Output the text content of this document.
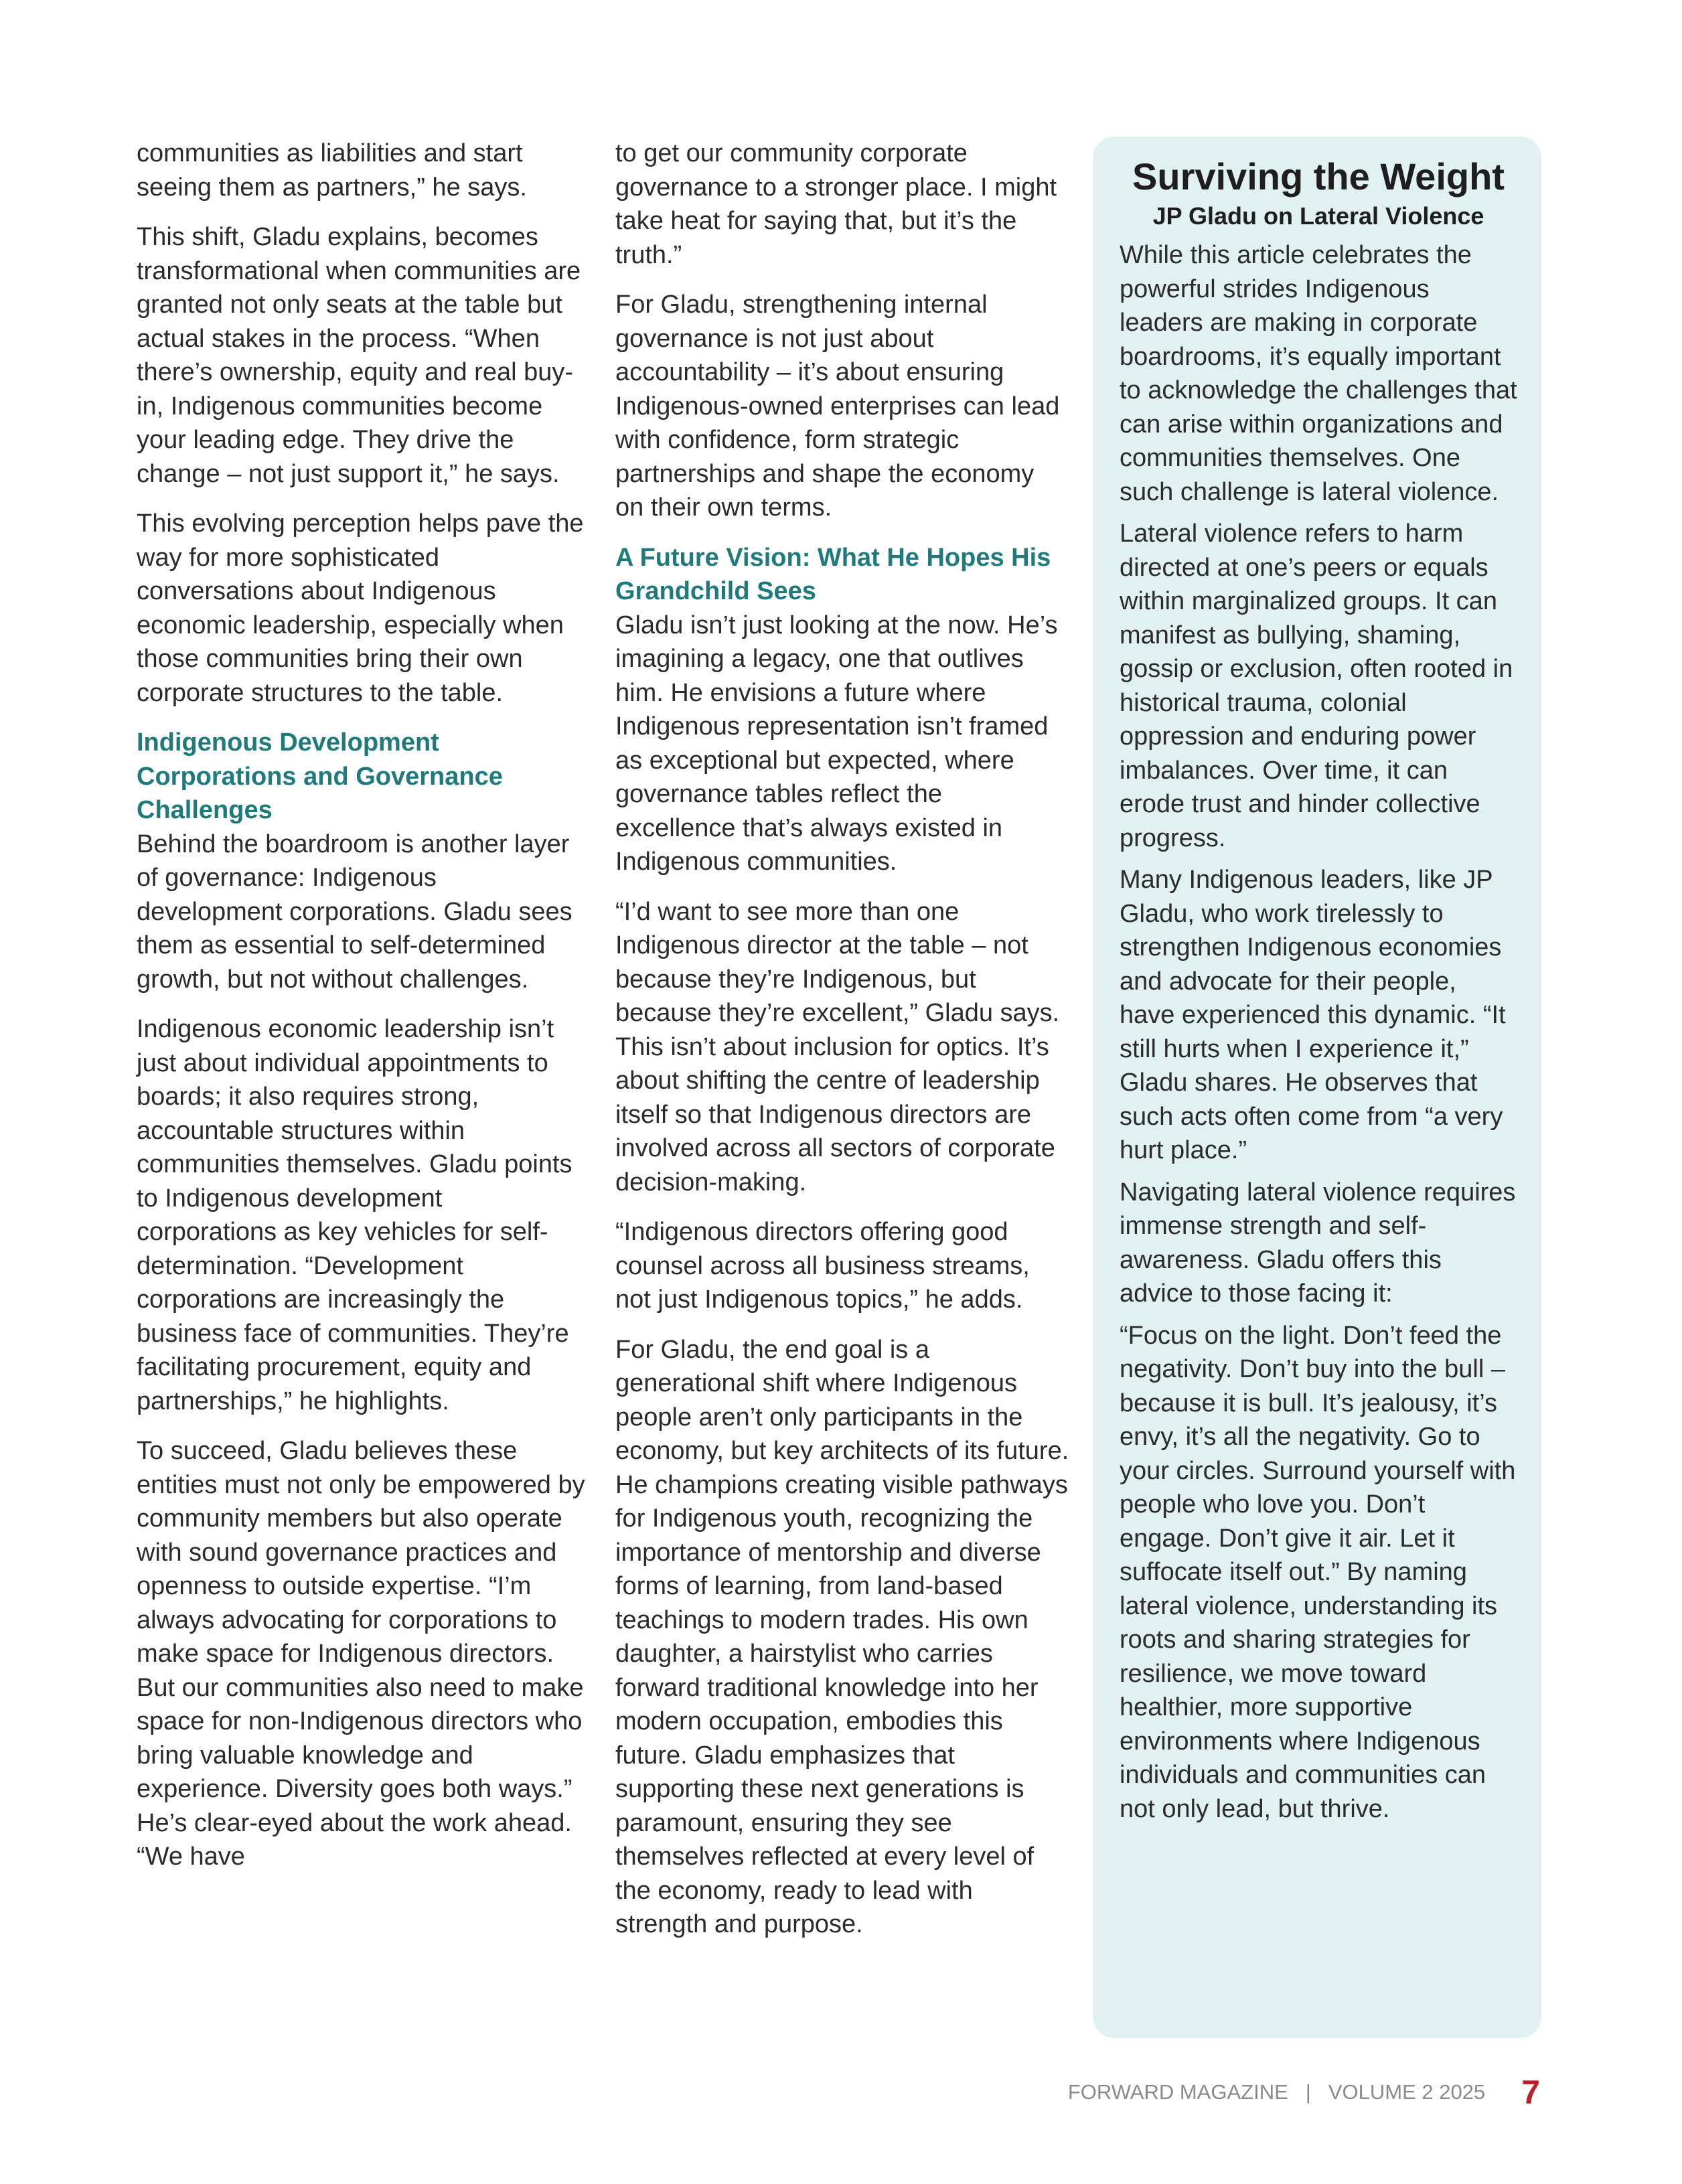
communities as liabilities and start seeing them as partners,” he says.

This shift, Gladu explains, becomes transformational when communities are granted not only seats at the table but actual stakes in the process. “When there’s ownership, equity and real buy-in, Indigenous communities become your leading edge. They drive the change – not just support it,” he says.

This evolving perception helps pave the way for more sophisticated conversations about Indigenous economic leadership, especially when those communities bring their own corporate structures to the table.

Indigenous Development Corporations and Governance Challenges

Behind the boardroom is another layer of governance: Indigenous development corporations. Gladu sees them as essential to self-determined growth, but not without challenges.

Indigenous economic leadership isn’t just about individual appointments to boards; it also requires strong, accountable structures within communities themselves. Gladu points to Indigenous development corporations as key vehicles for self-determination. “Development corporations are increasingly the business face of communities. They’re facilitating procurement, equity and partnerships,” he highlights.

To succeed, Gladu believes these entities must not only be empowered by community members but also operate with sound governance practices and openness to outside expertise. “I’m always advocating for corporations to make space for Indigenous directors. But our communities also need to make space for non-Indigenous directors who bring valuable knowledge and experience. Diversity goes both ways.” He’s clear-eyed about the work ahead. “We have

to get our community corporate governance to a stronger place. I might take heat for saying that, but it’s the truth.”

For Gladu, strengthening internal governance is not just about accountability – it’s about ensuring Indigenous-owned enterprises can lead with confidence, form strategic partnerships and shape the economy on their own terms.

A Future Vision: What He Hopes His Grandchild Sees

Gladu isn’t just looking at the now. He’s imagining a legacy, one that outlives him. He envisions a future where Indigenous representation isn’t framed as exceptional but expected, where governance tables reflect the excellence that’s always existed in Indigenous communities.

“I’d want to see more than one Indigenous director at the table – not because they’re Indigenous, but because they’re excellent,” Gladu says. This isn’t about inclusion for optics. It’s about shifting the centre of leadership itself so that Indigenous directors are involved across all sectors of corporate decision-making.

“Indigenous directors offering good counsel across all business streams, not just Indigenous topics,” he adds.

For Gladu, the end goal is a generational shift where Indigenous people aren’t only participants in the economy, but key architects of its future. He champions creating visible pathways for Indigenous youth, recognizing the importance of mentorship and diverse forms of learning, from land-based teachings to modern trades. His own daughter, a hairstylist who carries forward traditional knowledge into her modern occupation, embodies this future. Gladu emphasizes that supporting these next generations is paramount, ensuring they see themselves reflected at every level of the economy, ready to lead with strength and purpose.

Surviving the Weight
JP Gladu on Lateral Violence

While this article celebrates the powerful strides Indigenous leaders are making in corporate boardrooms, it’s equally important to acknowledge the challenges that can arise within organizations and communities themselves. One such challenge is lateral violence.

Lateral violence refers to harm directed at one’s peers or equals within marginalized groups. It can manifest as bullying, shaming, gossip or exclusion, often rooted in historical trauma, colonial oppression and enduring power imbalances. Over time, it can erode trust and hinder collective progress.

Many Indigenous leaders, like JP Gladu, who work tirelessly to strengthen Indigenous economies and advocate for their people, have experienced this dynamic. “It still hurts when I experience it,” Gladu shares. He observes that such acts often come from “a very hurt place.”

Navigating lateral violence requires immense strength and self-awareness. Gladu offers this advice to those facing it:

“Focus on the light. Don’t feed the negativity. Don’t buy into the bull – because it is bull. It’s jealousy, it’s envy, it’s all the negativity. Go to your circles. Surround yourself with people who love you. Don’t engage. Don’t give it air. Let it suffocate itself out.” By naming lateral violence, understanding its roots and sharing strategies for resilience, we move toward healthier, more supportive environments where Indigenous individuals and communities can not only lead, but thrive.

FORWARD MAGAZINE | VOLUME 2 2025 7
